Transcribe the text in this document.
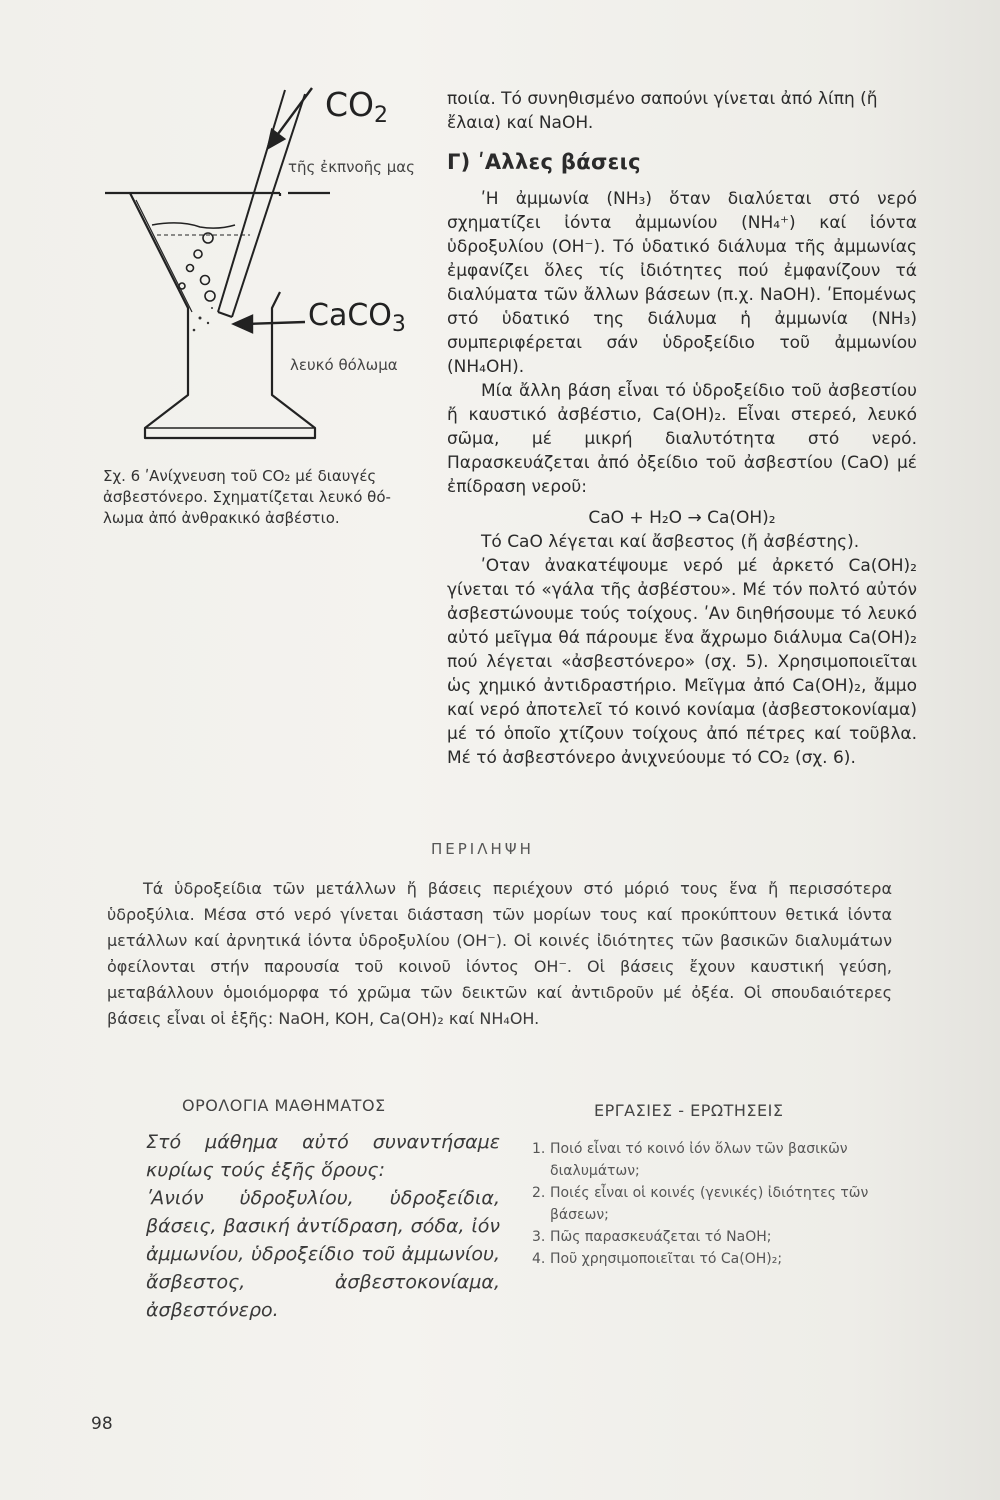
$CO_2$
τῆς ἐκπνοῆς μας
CaCO$_3$
λευκό θόλωμα

Σχ. 6 ʹΑνίχνευση τοῦ CO₂ μέ διαυγές

ἀσβεστόνερο. Σχηματίζεται λευκό θό-

λωμα ἀπό ἀνθρακικό ἀσβέστιο.

ποιία. Τό συνηθισμένο σαπούνι γίνεται ἀπό λίπη (ἤ

ἔλαια) καί NaOH.

Γ) ʹΑλλες βάσεις

ʹΗ ἀμμωνία (NH₃) ὅταν διαλύεται στό νερό σχηματίζει ἰόντα ἀμμωνίου (NH₄⁺) καί ἰόντα ὑδροξυλίου (OH⁻). Τό ὑδατικό διάλυμα τῆς ἀμμωνίας ἐμφανίζει ὅλες τίς ἰδιότητες πού ἐμφανίζουν τά διαλύματα τῶν ἄλλων βάσεων (π.χ. NaOH). ʹΕπομένως στό ὑδατικό της διάλυμα ἡ ἀμμωνία (NH₃) συμπεριφέρεται σάν ὑδροξείδιο τοῦ ἀμμωνίου (NH₄OH).

Μία ἄλλη βάση εἶναι τό ὑδροξείδιο τοῦ ἀσβεστίου ἤ καυστικό ἀσβέστιο, Ca(OH)₂. Εἶναι στερεό, λευκό σῶμα, μέ μικρή διαλυτότητα στό νερό. Παρασκευάζεται ἀπό ὀξείδιο τοῦ ἀσβεστίου (CaO) μέ ἐπίδραση νεροῦ:

CaO + H₂O → Ca(OH)₂

Τό CaO λέγεται καί ἄσβεστος (ἤ ἀσβέστης).

ʹΟταν ἀνακατέψουμε νερό μέ ἀρκετό Ca(OH)₂ γίνεται τό «γάλα τῆς ἀσβέστου». Μέ τόν πολτό αὐτόν ἀσβεστώνουμε τούς τοίχους. ʹΑν διηθήσουμε τό λευκό αὐτό μεῖγμα θά πάρουμε ἕνα ἄχρωμο διάλυμα Ca(OH)₂ πού λέγεται «ἀσβεστόνερο» (σχ. 5). Χρησιμοποιεῖται ὡς χημικό ἀντιδραστήριο. Μεῖγμα ἀπό Ca(OH)₂, ἄμμο καί νερό ἀποτελεῖ τό κοινό κονίαμα (ἀσβεστοκονίαμα) μέ τό ὁποῖο χτίζουν τοίχους ἀπό πέτρες καί τοῦβλα. Μέ τό ἀσβεστόνερο ἀνιχνεύουμε τό CO₂ (σχ. 6).

ΠΕΡΙΛΗΨΗ

Τά ὑδροξείδια τῶν μετάλλων ἤ βάσεις περιέχουν στό μόριό τους ἕνα ἤ περισσότερα ὑδροξύλια. Μέσα στό νερό γίνεται διάσταση τῶν μορίων τους καί προκύπτουν θετικά ἰόντα μετάλλων καί ἀρνητικά ἰόντα ὑδροξυλίου (OH⁻). Οἱ κοινές ἰδιότητες τῶν βασικῶν διαλυμάτων ὀφείλονται στήν παρουσία τοῦ κοινοῦ ἰόντος OH⁻. Οἱ βάσεις ἔχουν καυστική γεύση, μεταβάλλουν ὁμοιόμορφα τό χρῶμα τῶν δεικτῶν καί ἀντιδροῦν μέ ὀξέα. Οἱ σπουδαιότερες βάσεις εἶναι οἱ ἑξῆς: NaOH, KOH, Ca(OH)₂ καί NH₄OH.

ΟΡΟΛΟΓΙΑ ΜΑΘΗΜΑΤΟΣ

Στό μάθημα αὐτό συναντήσαμε κυρίως τούς ἑξῆς ὅρους:

ʹΑνιόν ὑδροξυλίου, ὑδροξείδια, βάσεις, βασική ἀντίδραση, σόδα, ἰόν ἀμμωνίου, ὑδροξείδιο τοῦ ἀμμωνίου, ἄσβεστος, ἀσβεστοκονίαμα, ἀσβεστόνερο.

ΕΡΓΑΣΙΕΣ - ΕΡΩΤΗΣΕΙΣ
1. Ποιό εἶναι τό κοινό ἰόν ὅλων τῶν βασικῶν διαλυμάτων;
2. Ποιές εἶναι οἱ κοινές (γενικές) ἰδιότητες τῶν βάσεων;
3. Πῶς παρασκευάζεται τό NaOH;
4. Ποῦ χρησιμοποιεῖται τό Ca(OH)₂;
98
